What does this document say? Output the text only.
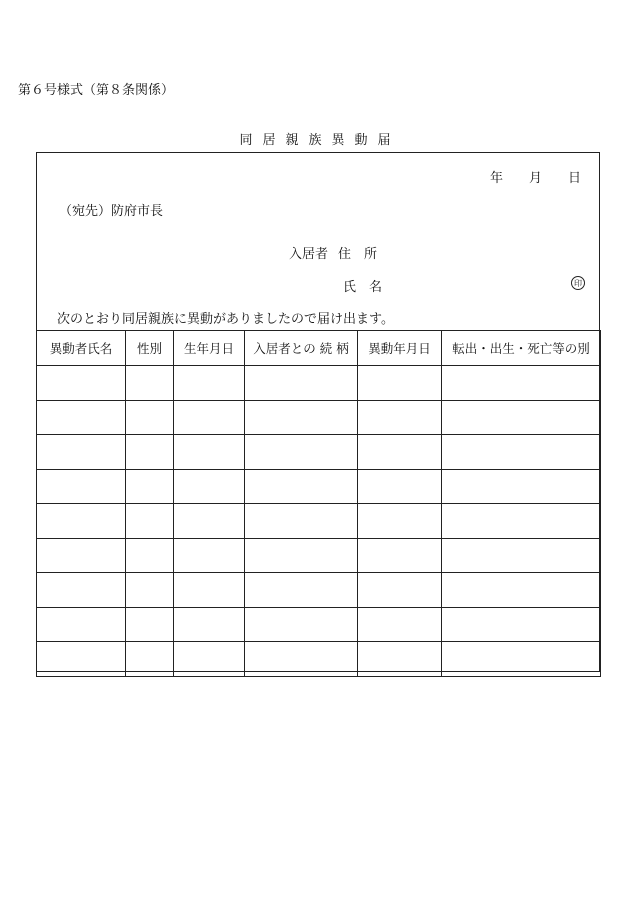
第６号様式（第８条関係）
同 居 親 族 異 動 届
年 月 日
（宛先）防府市長
入居者 住　所
氏　名	印
次のとおり同居親族に異動がありましたので届け出ます。
異動者氏名	性別	生年月日	入居者との 続 柄	異動年月日	転出・出生・死亡等の別
